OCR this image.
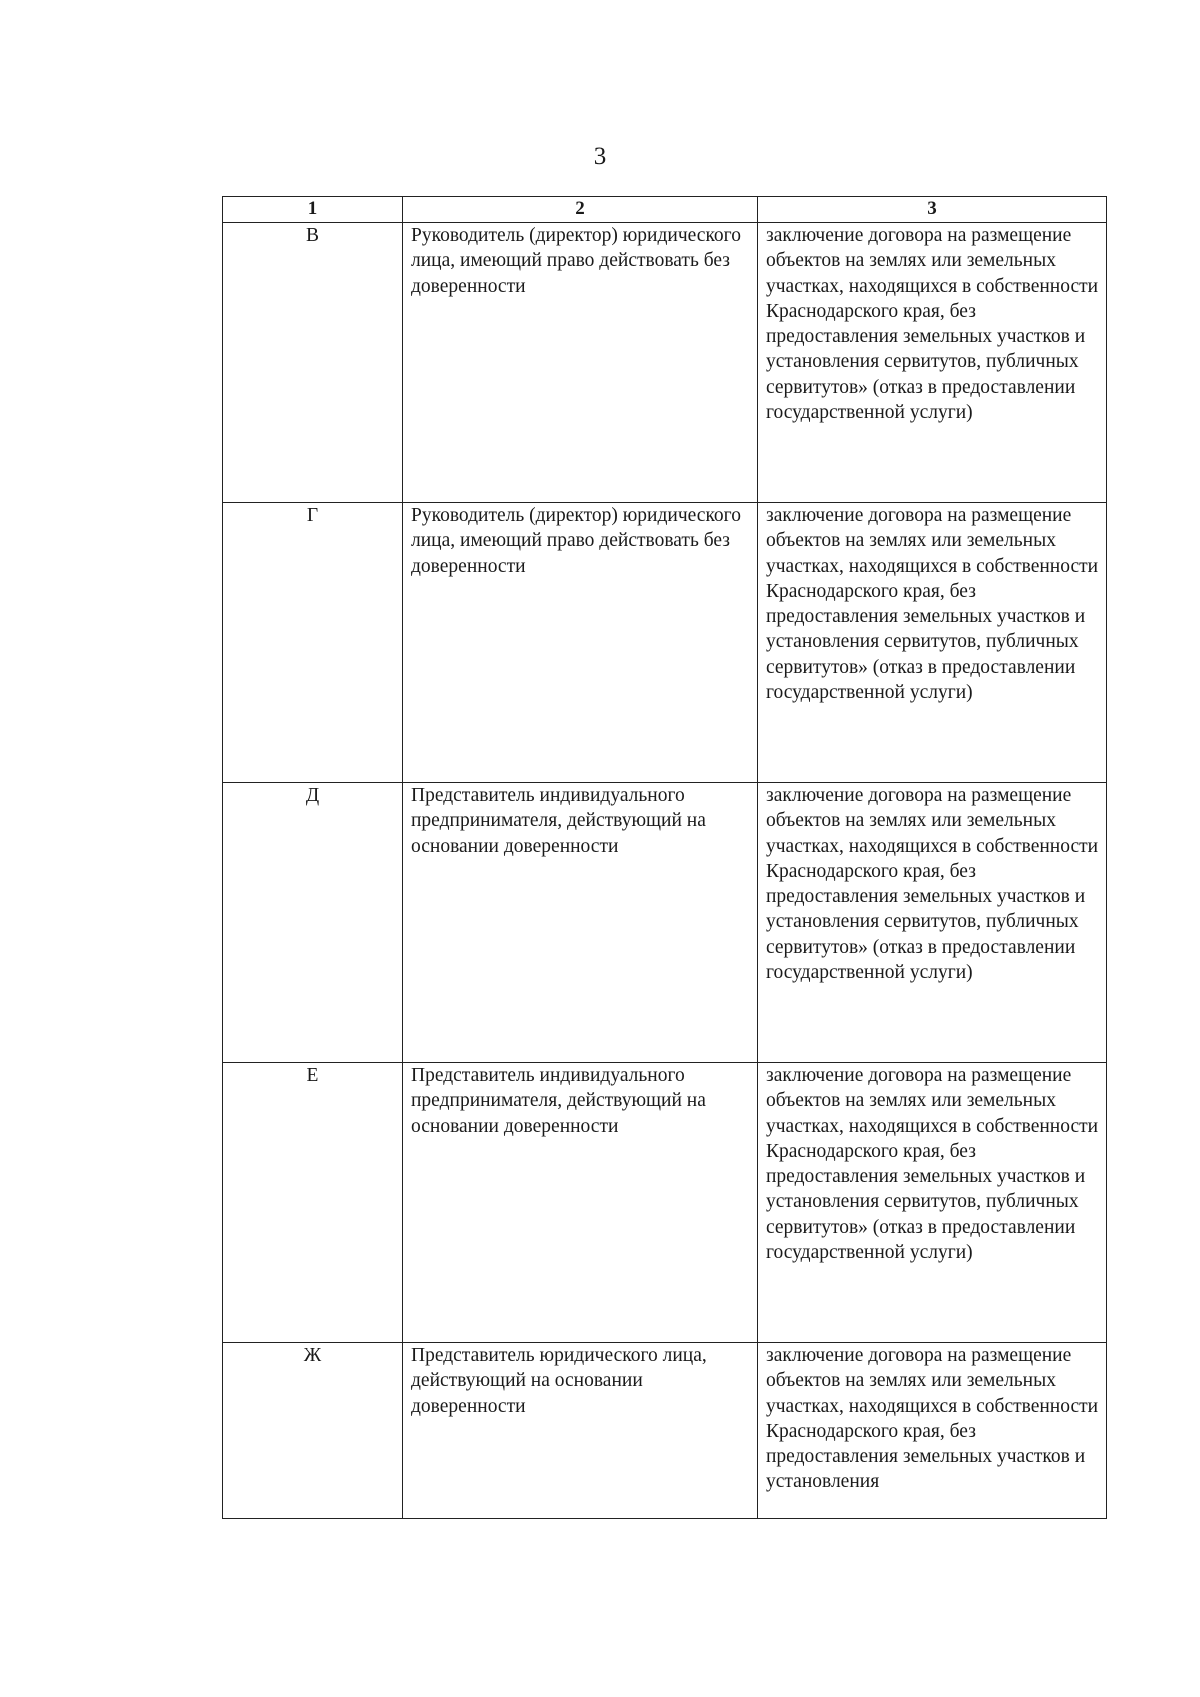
3
1	2	3
В	Руководитель (директор) юридического лица, имеющий право действовать без доверенности	заключение договора на размещение объектов на землях или земельных участках, находящихся в собственности Краснодарского края, без предоставления земельных участков и установления сервитутов, публичных сервитутов» (отказ в предоставлении государственной услуги)
Г	Руководитель (директор) юридического лица, имеющий право действовать без доверенности	заключение договора на размещение объектов на землях или земельных участках, находящихся в собственности Краснодарского края, без предоставления земельных участков и установления сервитутов, публичных сервитутов» (отказ в предоставлении государственной услуги)
Д	Представитель индивидуального предпринимателя, действующий на основании доверенности	заключение договора на размещение объектов на землях или земельных участках, находящихся в собственности Краснодарского края, без предоставления земельных участков и установления сервитутов, публичных сервитутов» (отказ в предоставлении государственной услуги)
Е	Представитель индивидуального предпринимателя, действующий на основании доверенности	заключение договора на размещение объектов на землях или земельных участках, находящихся в собственности Краснодарского края, без предоставления земельных участков и установления сервитутов, публичных сервитутов» (отказ в предоставлении государственной услуги)
Ж	Представитель юридического лица, действующий на основании доверенности	заключение договора на размещение объектов на землях или земельных участках, находящихся в собственности Краснодарского края, без предоставления земельных участков и установления
